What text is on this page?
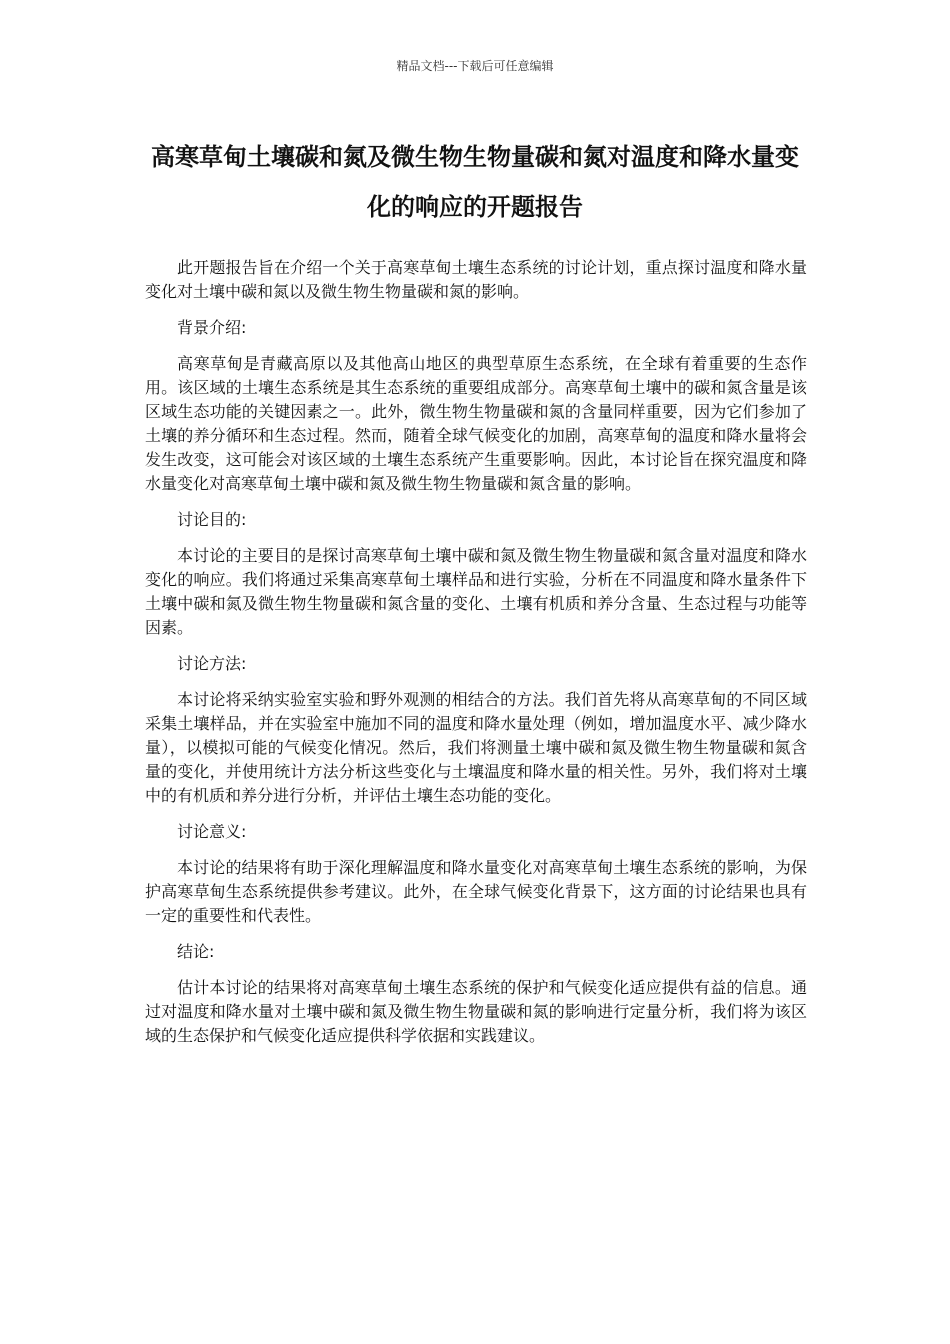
精品文档---下载后可任意编辑
高寒草甸土壤碳和氮及微生物生物量碳和氮对温度和降水量变化的响应的开题报告

此开题报告旨在介绍一个关于高寒草甸土壤生态系统的讨论计划，重点探讨温度和降水量变化对土壤中碳和氮以及微生物生物量碳和氮的影响。

背景介绍:

高寒草甸是青藏高原以及其他高山地区的典型草原生态系统，在全球有着重要的生态作用。该区域的土壤生态系统是其生态系统的重要组成部分。高寒草甸土壤中的碳和氮含量是该区域生态功能的关键因素之一。此外，微生物生物量碳和氮的含量同样重要，因为它们参加了土壤的养分循环和生态过程。然而，随着全球气候变化的加剧，高寒草甸的温度和降水量将会发生改变，这可能会对该区域的土壤生态系统产生重要影响。因此，本讨论旨在探究温度和降水量变化对高寒草甸土壤中碳和氮及微生物生物量碳和氮含量的影响。

讨论目的:

本讨论的主要目的是探讨高寒草甸土壤中碳和氮及微生物生物量碳和氮含量对温度和降水变化的响应。我们将通过采集高寒草甸土壤样品和进行实验，分析在不同温度和降水量条件下土壤中碳和氮及微生物生物量碳和氮含量的变化、土壤有机质和养分含量、生态过程与功能等因素。

讨论方法:

本讨论将采纳实验室实验和野外观测的相结合的方法。我们首先将从高寒草甸的不同区域采集土壤样品，并在实验室中施加不同的温度和降水量处理（例如，增加温度水平、减少降水量），以模拟可能的气候变化情况。然后，我们将测量土壤中碳和氮及微生物生物量碳和氮含量的变化，并使用统计方法分析这些变化与土壤温度和降水量的相关性。另外，我们将对土壤中的有机质和养分进行分析，并评估土壤生态功能的变化。

讨论意义:

本讨论的结果将有助于深化理解温度和降水量变化对高寒草甸土壤生态系统的影响，为保护高寒草甸生态系统提供参考建议。此外，在全球气候变化背景下，这方面的讨论结果也具有一定的重要性和代表性。

结论:

估计本讨论的结果将对高寒草甸土壤生态系统的保护和气候变化适应提供有益的信息。通过对温度和降水量对土壤中碳和氮及微生物生物量碳和氮的影响进行定量分析，我们将为该区域的生态保护和气候变化适应提供科学依据和实践建议。
